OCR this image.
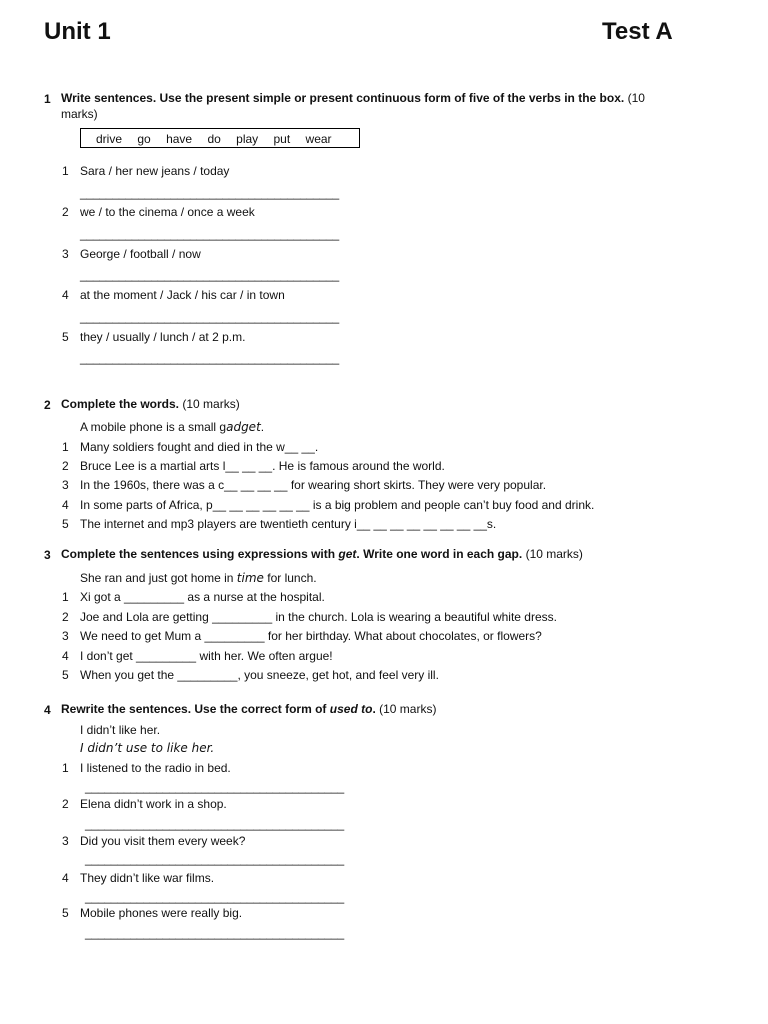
Unit 1	Test A
1 Write sentences. Use the present simple or present continuous form of five of the verbs in the box. (10
marks)
drive go have do play put wear
1 Sara / her new jeans / today
________________________________________
2 we / to the cinema / once a week
________________________________________
3 George / football / now
________________________________________
4 at the moment / Jack / his car / in town
________________________________________
5 they / usually / lunch / at 2 p.m.
________________________________________
2 Complete the words. (10 marks)
A mobile phone is a small gadget.
1 Many soldiers fought and died in the w__ __.
2 Bruce Lee is a martial arts l__ __ __. He is famous around the world.
3 In the 1960s, there was a c__ __ __ __ for wearing short skirts. They were very popular.
4 In some parts of Africa, p__ __ __ __ __ __ is a big problem and people can’t buy food and drink.
5 The internet and mp3 players are twentieth century i__ __ __ __ __ __ __ __s.
3 Complete the sentences using expressions with get. Write one word in each gap. (10 marks)
She ran and just got home in time for lunch.
1 Xi got a _________ as a nurse at the hospital.
2 Joe and Lola are getting _________ in the church. Lola is wearing a beautiful white dress.
3 We need to get Mum a _________ for her birthday. What about chocolates, or flowers?
4 I don’t get _________ with her. We often argue!
5 When you get the _________, you sneeze, get hot, and feel very ill.
4 Rewrite the sentences. Use the correct form of used to. (10 marks)
I didn’t like her.
I didn’t use to like her.
1 I listened to the radio in bed.
________________________________________
2 Elena didn’t work in a shop.
________________________________________
3 Did you visit them every week?
________________________________________
4 They didn’t like war films.
________________________________________
5 Mobile phones were really big.
________________________________________
